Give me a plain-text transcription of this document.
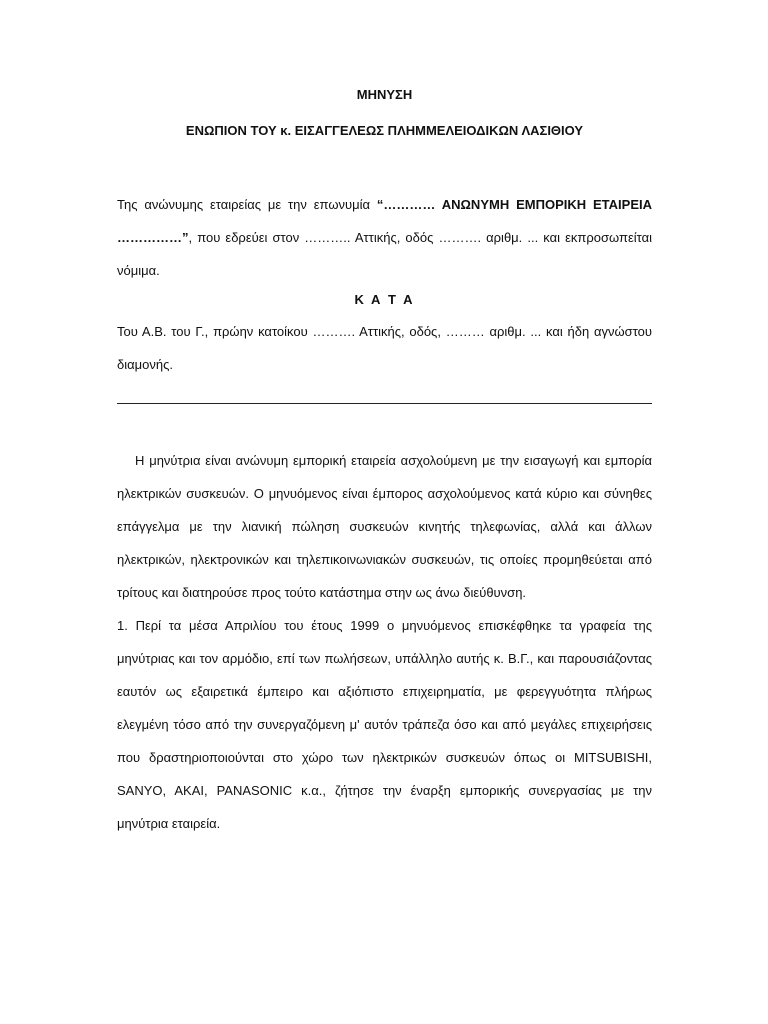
ΜΗΝΥΣΗ
ΕΝΩΠΙΟΝ ΤΟΥ κ. ΕΙΣΑΓΓΕΛΕΩΣ ΠΛΗΜΜΕΛΕΙΟΔΙΚΩΝ ΛΑΣΙΘΙΟΥ

Της ανώνυμης εταιρείας με την επωνυμία “………… ΑΝΩΝΥΜΗ ΕΜΠΟΡΙΚΗ ΕΤΑΙΡΕΙΑ ……………”, που εδρεύει στον ……….. Αττικής, οδός ………. αριθμ. ... και εκπροσωπείται νόμιμα.

Κ Α Τ Α

Του Α.Β. του Γ., πρώην κατοίκου ………. Αττικής, οδός, ……… αριθμ. ... και ήδη αγνώστου διαμονής.

Η μηνύτρια είναι ανώνυμη εμπορική εταιρεία ασχολούμενη με την εισαγωγή και εμπορία ηλεκτρικών συσκευών. Ο μηνυόμενος είναι έμπορος ασχολούμενος κατά κύριο και σύνηθες επάγγελμα με την λιανική πώληση συσκευών κινητής τηλεφωνίας, αλλά και άλλων ηλεκτρικών, ηλεκτρονικών και τηλεπικοινωνιακών συσκευών, τις οποίες προμηθεύεται από τρίτους και διατηρούσε προς τούτο κατάστημα στην ως άνω διεύθυνση.

1. Περί τα μέσα Απριλίου του έτους 1999 ο μηνυόμενος επισκέφθηκε τα γραφεία της μηνύτριας και τον αρμόδιο, επί των πωλήσεων, υπάλληλο αυτής κ. Β.Γ., και παρουσιάζοντας εαυτόν ως εξαιρετικά έμπειρο και αξιόπιστο επιχειρηματία, με φερεγγυότητα πλήρως ελεγμένη τόσο από την συνεργαζόμενη μ' αυτόν τράπεζα όσο και από μεγάλες επιχειρήσεις που δραστηριοποιούνται στο χώρο των ηλεκτρικών συσκευών όπως οι MITSUBISHI, SANYO, AKAI, PANASONIC κ.α., ζήτησε την έναρξη εμπορικής συνεργασίας με την μηνύτρια εταιρεία.
